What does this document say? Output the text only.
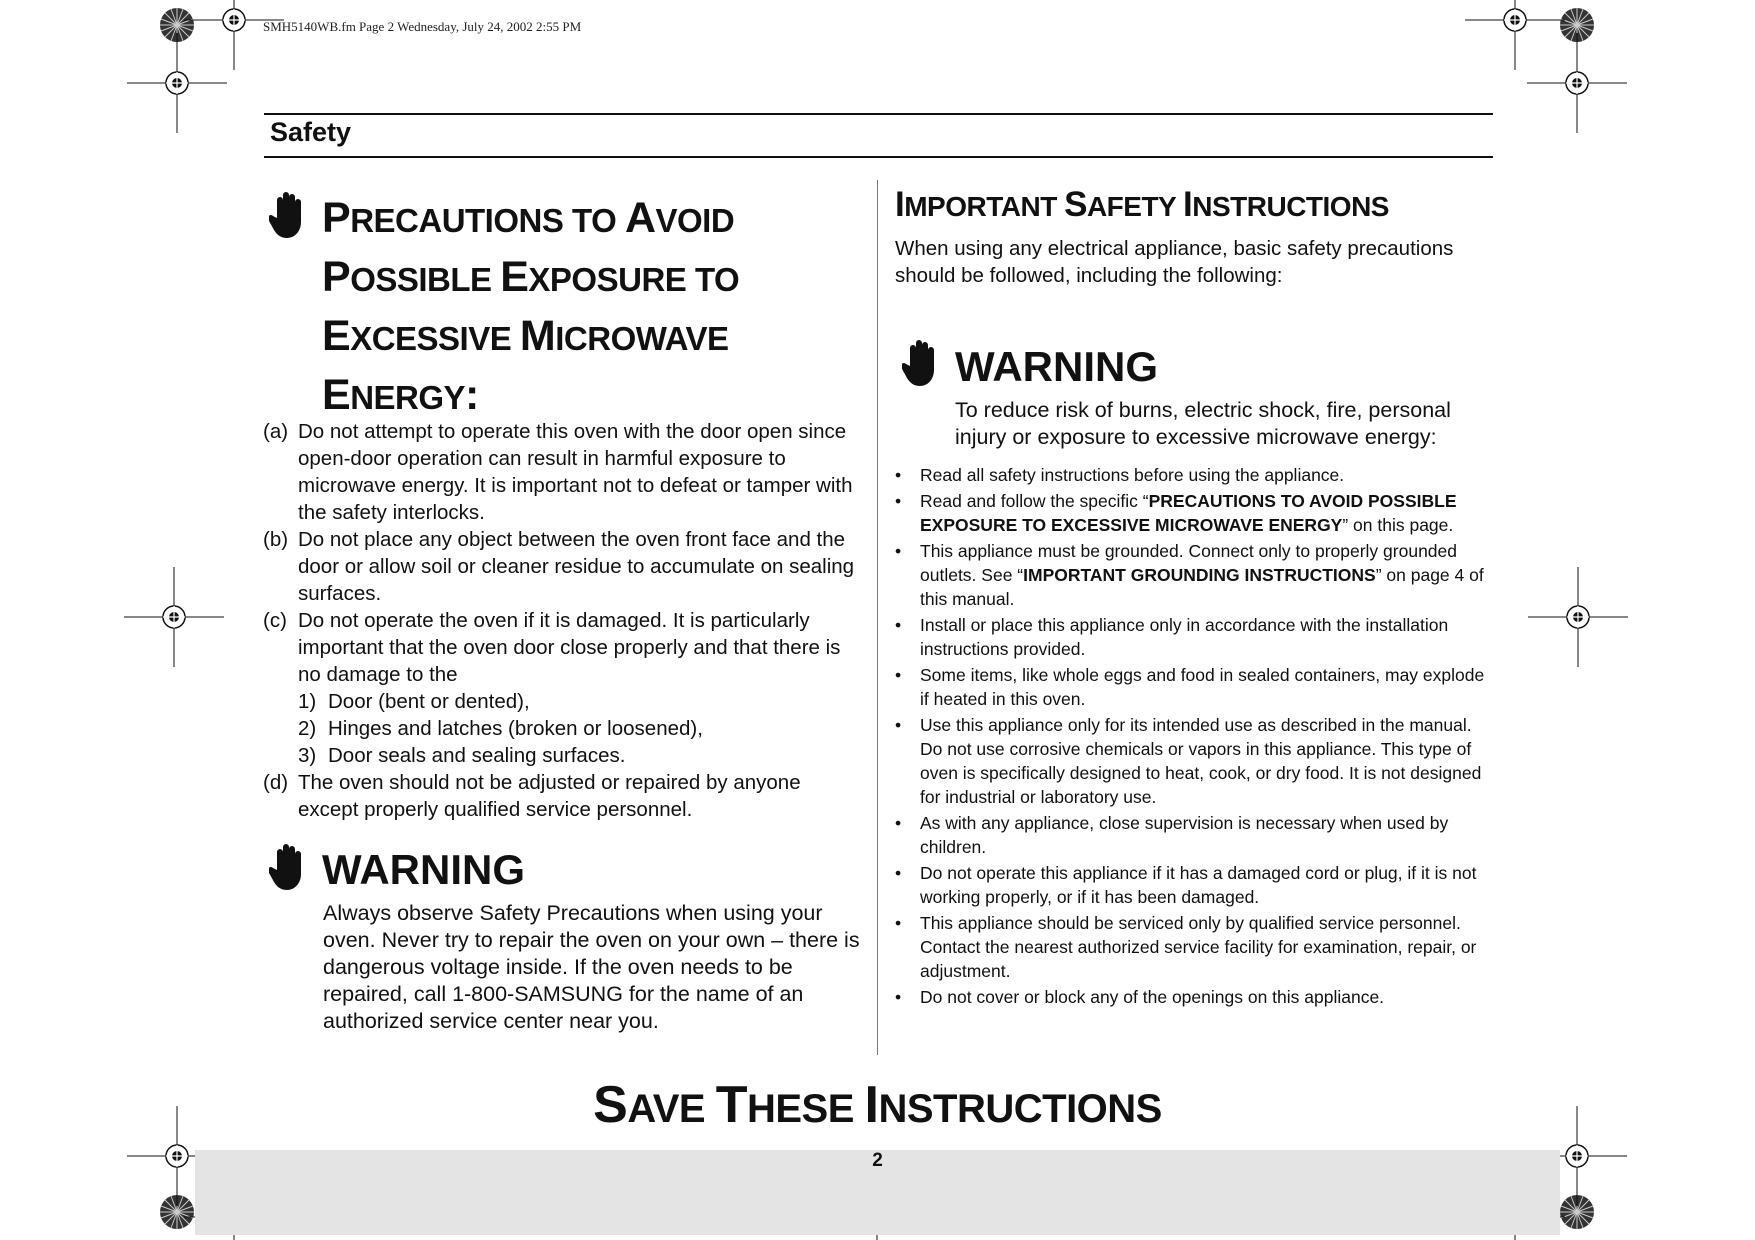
SMH5140WB.fm Page 2 Wednesday, July 24, 2002 2:55 PM
Safety
PRECAUTIONS TO AVOID
POSSIBLE EXPOSURE TO
EXCESSIVE MICROWAVE
ENERGY:
(a) Do not attempt to operate this oven with the door open since open-door operation can result in harmful exposure to microwave energy. It is important not to defeat or tamper with the safety interlocks.
(b) Do not place any object between the oven front face and the door or allow soil or cleaner residue to accumulate on sealing surfaces.
(c) Do not operate the oven if it is damaged. It is particularly important that the oven door close properly and that there is no damage to the
1) Door (bent or dented),
2) Hinges and latches (broken or loosened),
3) Door seals and sealing surfaces.
(d) The oven should not be adjusted or repaired by anyone except properly qualified service personnel.
WARNING
Always observe Safety Precautions when using your oven. Never try to repair the oven on your own – there is dangerous voltage inside. If the oven needs to be repaired, call 1-800-SAMSUNG for the name of an authorized service center near you.
IMPORTANT SAFETY INSTRUCTIONS
When using any electrical appliance, basic safety precautions should be followed, including the following:
WARNING
To reduce risk of burns, electric shock, fire, personal injury or exposure to excessive microwave energy:
•	Read all safety instructions before using the appliance.
•	Read and follow the specific “PRECAUTIONS TO AVOID POSSIBLE EXPOSURE TO EXCESSIVE MICROWAVE ENERGY” on this page.
•	This appliance must be grounded. Connect only to properly grounded outlets. See “IMPORTANT GROUNDING INSTRUCTIONS” on page 4 of this manual.
•	Install or place this appliance only in accordance with the installation instructions provided.
•	Some items, like whole eggs and food in sealed containers, may explode if heated in this oven.
•	Use this appliance only for its intended use as described in the manual. Do not use corrosive chemicals or vapors in this appliance. This type of oven is specifically designed to heat, cook, or dry food. It is not designed for industrial or laboratory use.
•	As with any appliance, close supervision is necessary when used by children.
•	Do not operate this appliance if it has a damaged cord or plug, if it is not working properly, or if it has been damaged.
•	This appliance should be serviced only by qualified service personnel. Contact the nearest authorized service facility for examination, repair, or adjustment.
•	Do not cover or block any of the openings on this appliance.
SAVE THESE INSTRUCTIONS
2
